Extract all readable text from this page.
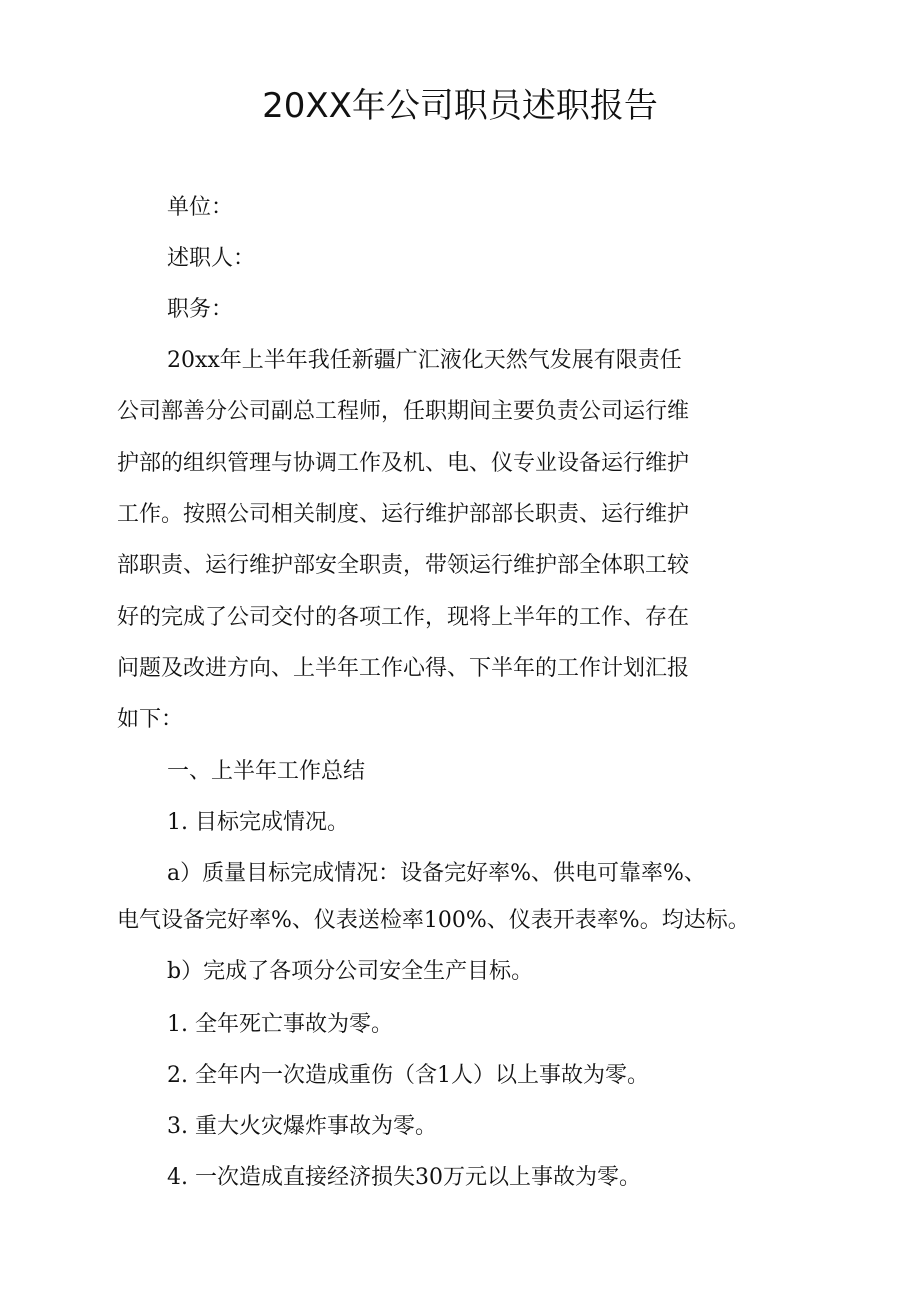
20XX年公司职员述职报告
单位：
述职人：
职务：
20xx年上半年我任新疆广汇液化天然气发展有限责任
公司鄯善分公司副总工程师，任职期间主要负责公司运行维
护部的组织管理与协调工作及机、电、仪专业设备运行维护
工作。按照公司相关制度、运行维护部部长职责、运行维护
部职责、运行维护部安全职责，带领运行维护部全体职工较
好的完成了公司交付的各项工作，现将上半年的工作、存在
问题及改进方向、上半年工作心得、下半年的工作计划汇报
如下：
一、上半年工作总结
1. 目标完成情况。
a）质量目标完成情况：设备完好率%、供电可靠率%、
电气设备完好率%、仪表送检率100%、仪表开表率%。均达标。
b）完成了各项分公司安全生产目标。
1. 全年死亡事故为零。
2. 全年内一次造成重伤（含1人）以上事故为零。
3. 重大火灾爆炸事故为零。
4. 一次造成直接经济损失30万元以上事故为零。
